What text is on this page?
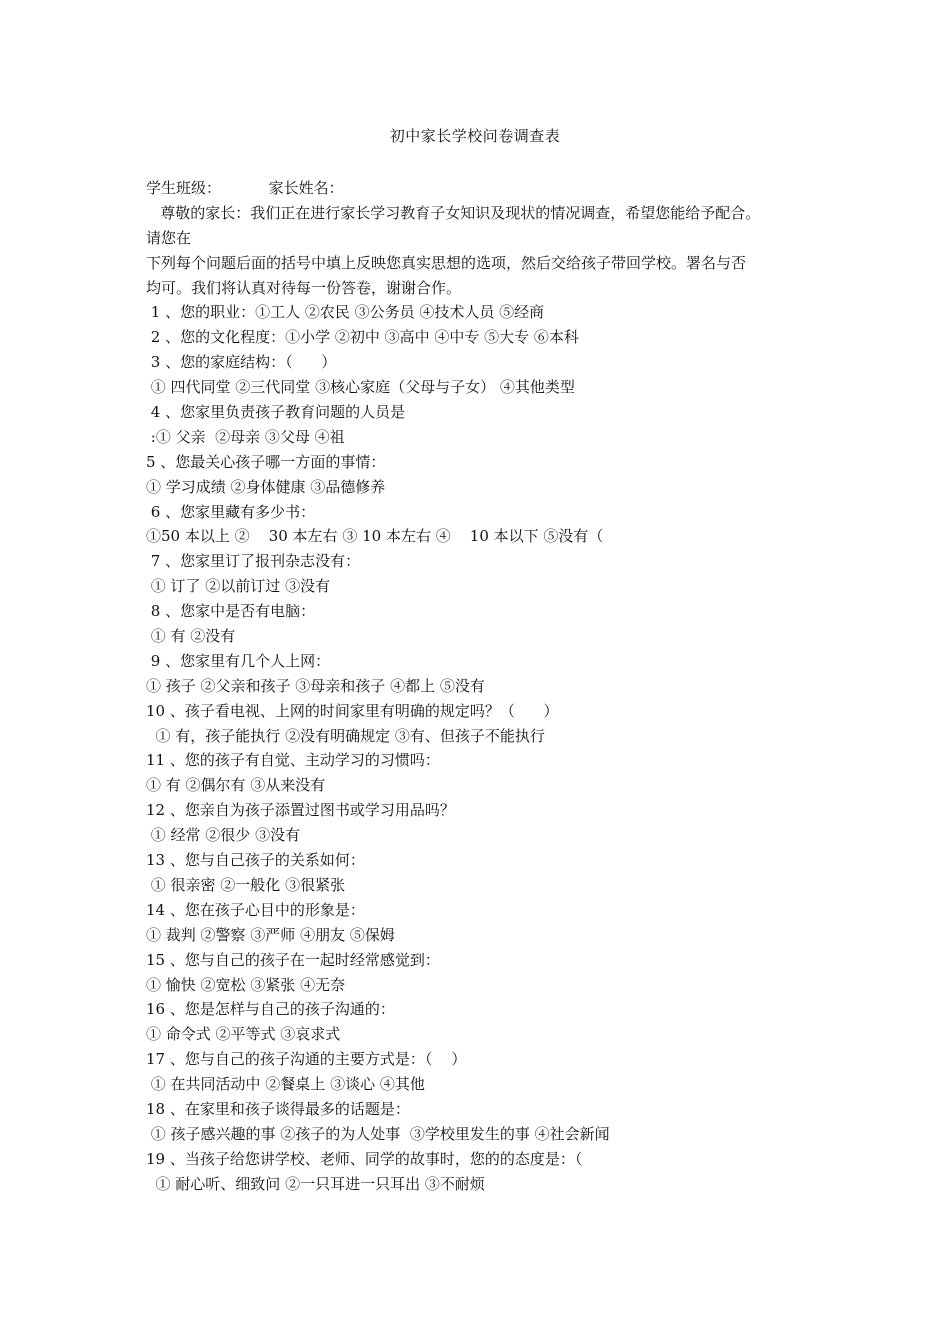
初中家长学校问卷调查表
学生班级：          家长姓名：
尊敬的家长：我们正在进行家长学习教育子女知识及现状的情况调查，希望您能给予配合。
请您在
下列每个问题后面的括号中填上反映您真实思想的选项，然后交给孩子带回学校。署名与否
均可。我们将认真对待每一份答卷，谢谢合作。
1 、您的职业：①工人 ②农民 ③公务员 ④技术人员 ⑤经商
2 、您的文化程度：①小学 ②初中 ③高中 ④中专 ⑤大专 ⑥本科
3 、您的家庭结构：（      ）
① 四代同堂 ②三代同堂 ③核心家庭（父母与子女） ④其他类型
4 、您家里负责孩子教育问题的人员是
:① 父亲  ②母亲 ③父母 ④祖
5 、您最关心孩子哪一方面的事情：
① 学习成绩 ②身体健康 ③品德修养
6 、您家里藏有多少书：
①50 本以上 ②    30 本左右 ③ 10 本左右 ④    10 本以下 ⑤没有（
7 、您家里订了报刊杂志没有：
① 订了 ②以前订过 ③没有
8 、您家中是否有电脑：
① 有 ②没有
9 、您家里有几个人上网：
① 孩子 ②父亲和孩子 ③母亲和孩子 ④都上 ⑤没有
10 、孩子看电视、上网的时间家里有明确的规定吗？（      ）
① 有，孩子能执行 ②没有明确规定 ③有、但孩子不能执行
11 、您的孩子有自觉、主动学习的习惯吗：
① 有 ②偶尔有 ③从来没有
12 、您亲自为孩子添置过图书或学习用品吗？
① 经常 ②很少 ③没有
13 、您与自己孩子的关系如何：
① 很亲密 ②一般化 ③很紧张
14 、您在孩子心目中的形象是：
① 裁判 ②警察 ③严师 ④朋友 ⑤保姆
15 、您与自己的孩子在一起时经常感觉到：
① 愉快 ②宽松 ③紧张 ④无奈
16 、您是怎样与自己的孩子沟通的：
① 命令式 ②平等式 ③哀求式
17 、您与自己的孩子沟通的主要方式是：（    ）
① 在共同活动中 ②餐桌上 ③谈心 ④其他
18 、在家里和孩子谈得最多的话题是：
① 孩子感兴趣的事 ②孩子的为人处事  ③学校里发生的事 ④社会新闻
19 、当孩子给您讲学校、老师、同学的故事时，您的的态度是：（
① 耐心听、细致问 ②一只耳进一只耳出 ③不耐烦
